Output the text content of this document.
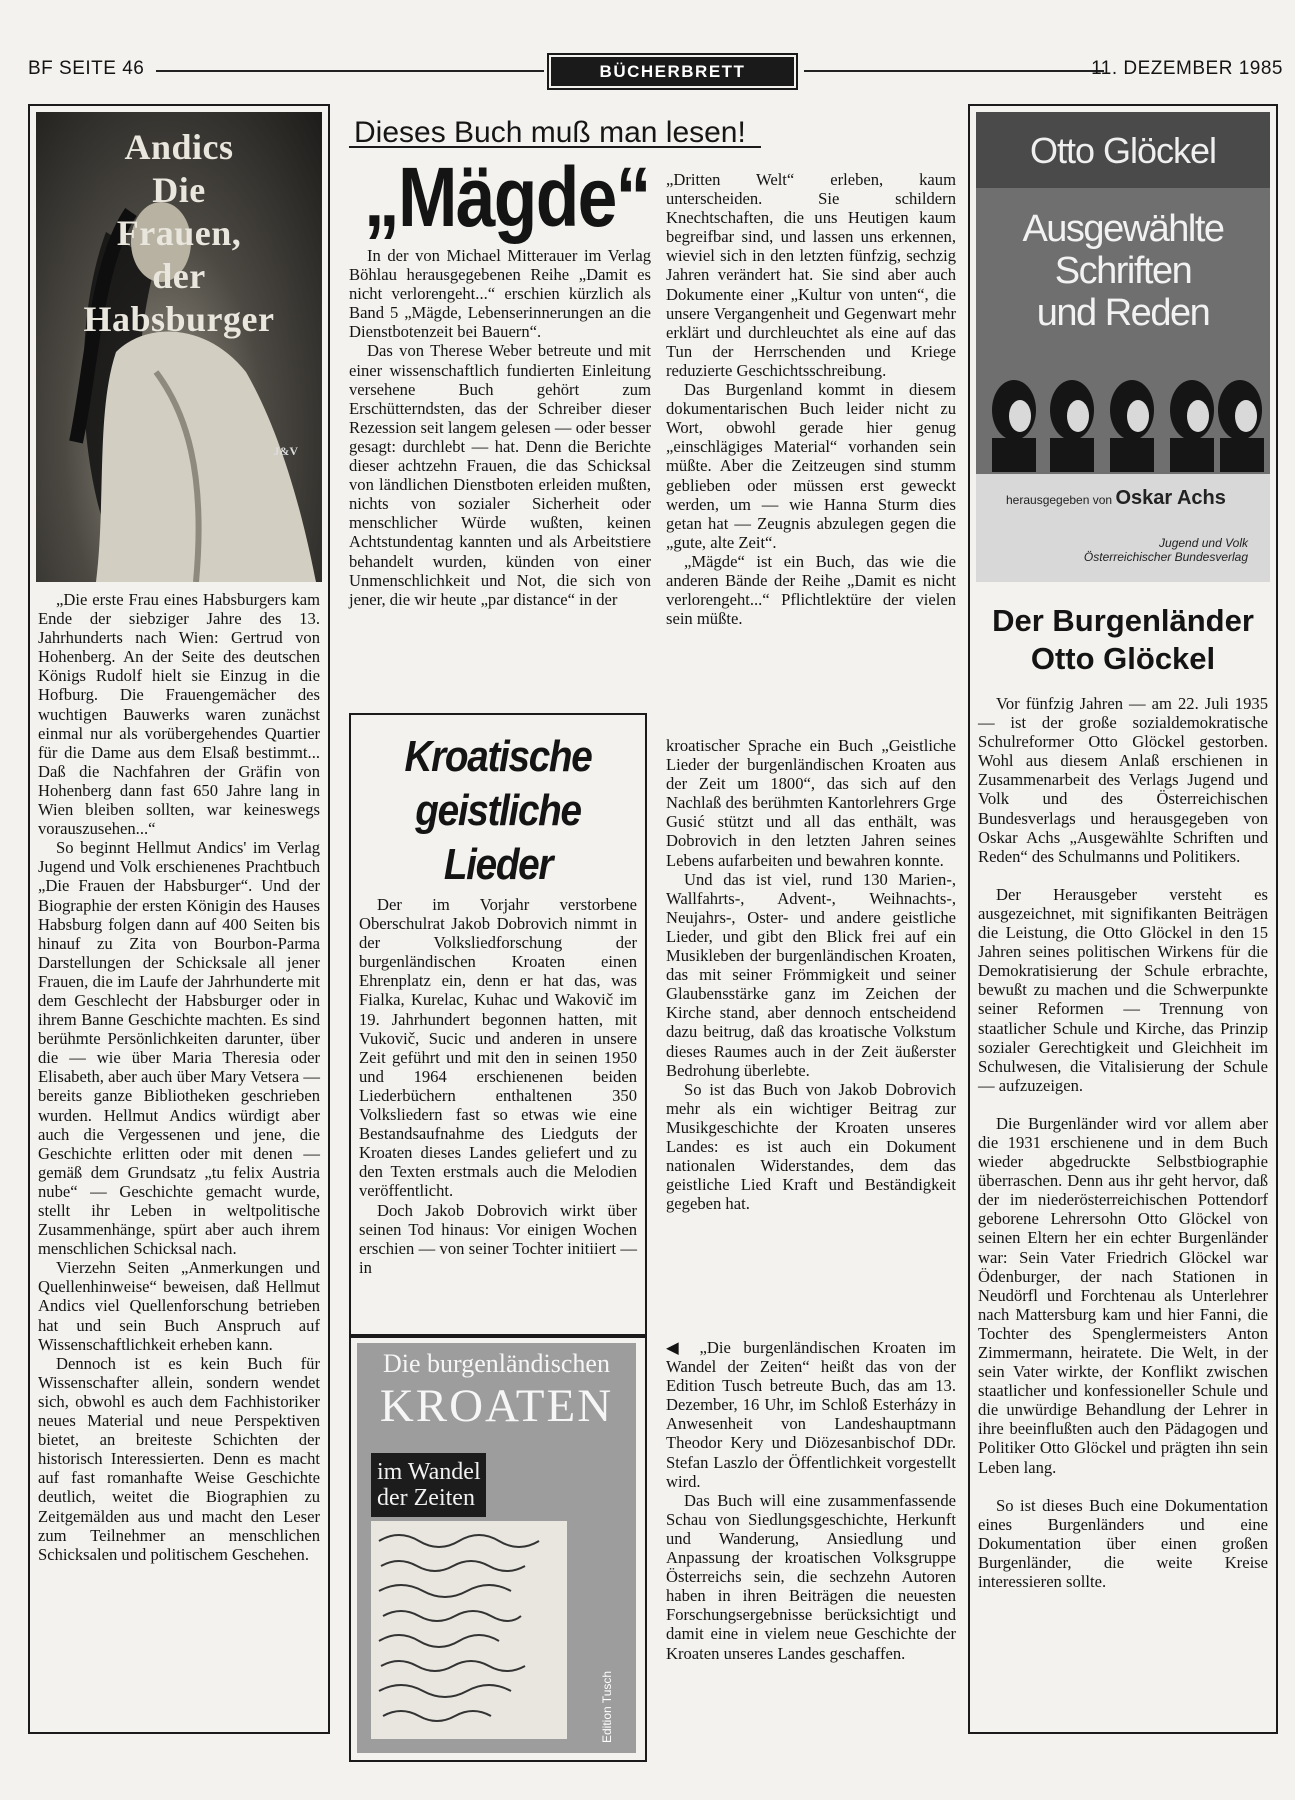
BF SEITE 46	BÜCHERBRETT	11. DEZEMBER 1985
Andics
Die
Frauen,
der
Habsburger
J&V

„Die erste Frau eines Habsburgers kam Ende der siebziger Jahre des 13. Jahrhunderts nach Wien: Gertrud von Hohenberg. An der Seite des deutschen Königs Rudolf hielt sie Einzug in die Hofburg. Die Frauengemächer des wuchtigen Bauwerks waren zunächst einmal nur als vorübergehendes Quartier für die Dame aus dem Elsaß bestimmt... Daß die Nachfahren der Gräfin von Hohenberg dann fast 650 Jahre lang in Wien bleiben sollten, war keineswegs vorauszusehen...“

So beginnt Hellmut Andics' im Verlag Jugend und Volk erschienenes Prachtbuch „Die Frauen der Habsburger“. Und der Biographie der ersten Königin des Hauses Habsburg folgen dann auf 400 Seiten bis hinauf zu Zita von Bourbon-Parma Darstellungen der Schicksale all jener Frauen, die im Laufe der Jahrhunderte mit dem Geschlecht der Habsburger oder in ihrem Banne Geschichte machten. Es sind berühmte Persönlichkeiten darunter, über die — wie über Maria Theresia oder Elisabeth, aber auch über Mary Vetsera — bereits ganze Bibliotheken geschrieben wurden. Hellmut Andics würdigt aber auch die Vergessenen und jene, die Geschichte erlitten oder mit denen — gemäß dem Grundsatz „tu felix Austria nube“ — Geschichte gemacht wurde, stellt ihr Leben in weltpolitische Zusammenhänge, spürt aber auch ihrem menschlichen Schicksal nach.

Vierzehn Seiten „Anmerkungen und Quellenhinweise“ beweisen, daß Hellmut Andics viel Quellenforschung betrieben hat und sein Buch Anspruch auf Wissenschaftlichkeit erheben kann.

Dennoch ist es kein Buch für Wissenschafter allein, sondern wendet sich, obwohl es auch dem Fachhistoriker neues Material und neue Perspektiven bietet, an breiteste Schichten der historisch Interessierten. Denn es macht auf fast romanhafte Weise Geschichte deutlich, weitet die Biographien zu Zeitgemälden aus und macht den Leser zum Teilnehmer an menschlichen Schicksalen und politischem Geschehen.

Dieses Buch muß man lesen!
„Mägde“

In der von Michael Mitterauer im Verlag Böhlau herausgegebenen Reihe „Damit es nicht verlorengeht...“ erschien kürzlich als Band 5 „Mägde, Lebenserinnerungen an die Dienstbotenzeit bei Bauern“.

Das von Therese Weber betreute und mit einer wissenschaftlich fundierten Einleitung versehene Buch gehört zum Erschütterndsten, das der Schreiber dieser Rezession seit langem gelesen — oder besser gesagt: durchlebt — hat. Denn die Berichte dieser achtzehn Frauen, die das Schicksal von ländlichen Dienstboten erleiden mußten, nichts von sozialer Sicherheit oder menschlicher Würde wußten, keinen Achtstundentag kannten und als Arbeitstiere behandelt wurden, künden von einer Unmenschlichkeit und Not, die sich von jener, die wir heute „par distance“ in der

„Dritten Welt“ erleben, kaum unterscheiden. Sie schildern Knechtschaften, die uns Heutigen kaum begreifbar sind, und lassen uns erkennen, wieviel sich in den letzten fünfzig, sechzig Jahren verändert hat. Sie sind aber auch Dokumente einer „Kultur von unten“, die unsere Vergangenheit und Gegenwart mehr erklärt und durchleuchtet als eine auf das Tun der Herrschenden und Kriege reduzierte Geschichtsschreibung.

Das Burgenland kommt in diesem dokumentarischen Buch leider nicht zu Wort, obwohl gerade hier genug „einschlägiges Material“ vorhanden sein müßte. Aber die Zeitzeugen sind stumm geblieben oder müssen erst geweckt werden, um — wie Hanna Sturm dies getan hat — Zeugnis abzulegen gegen die „gute, alte Zeit“.

„Mägde“ ist ein Buch, das wie die anderen Bände der Reihe „Damit es nicht verlorengeht...“ Pflichtlektüre der vielen sein müßte.

Kroatische geistliche Lieder

Der im Vorjahr verstorbene Oberschulrat Jakob Dobrovich nimmt in der Volksliedforschung der burgenländischen Kroaten einen Ehrenplatz ein, denn er hat das, was Fialka, Kurelac, Kuhac und Wakovič im 19. Jahrhundert begonnen hatten, mit Vukovič, Sucic und anderen in unsere Zeit geführt und mit den in seinen 1950 und 1964 erschienenen beiden Liederbüchern enthaltenen 350 Volksliedern fast so etwas wie eine Bestandsaufnahme des Liedguts der Kroaten dieses Landes geliefert und zu den Texten erstmals auch die Melodien veröffentlicht.

Doch Jakob Dobrovich wirkt über seinen Tod hinaus: Vor einigen Wochen erschien — von seiner Tochter initiiert — in

kroatischer Sprache ein Buch „Geistliche Lieder der burgenländischen Kroaten aus der Zeit um 1800“, das sich auf den Nachlaß des berühmten Kantorlehrers Grge Gusić stützt und all das enthält, was Dobrovich in den letzten Jahren seines Lebens aufarbeiten und bewahren konnte.

Und das ist viel, rund 130 Marien-, Wallfahrts-, Advent-, Weihnachts-, Neujahrs-, Oster- und andere geistliche Lieder, und gibt den Blick frei auf ein Musikleben der burgenländischen Kroaten, das mit seiner Frömmigkeit und seiner Glaubensstärke ganz im Zeichen der Kirche stand, aber dennoch entscheidend dazu beitrug, daß das kroatische Volkstum dieses Raumes auch in der Zeit äußerster Bedrohung überlebte.

So ist das Buch von Jakob Dobrovich mehr als ein wichtiger Beitrag zur Musikgeschichte der Kroaten unseres Landes: es ist auch ein Dokument nationalen Widerstandes, dem das geistliche Lied Kraft und Beständigkeit gegeben hat.

Die burgenländischen
KROATEN
im Wandel der Zeiten
Edition Tusch

◀ „Die burgenländischen Kroaten im Wandel der Zeiten“ heißt das von der Edition Tusch betreute Buch, das am 13. Dezember, 16 Uhr, im Schloß Esterházy in Anwesenheit von Landeshauptmann Theodor Kery und Diözesanbischof DDr. Stefan Laszlo der Öffentlichkeit vorgestellt wird.

Das Buch will eine zusammenfassende Schau von Siedlungsgeschichte, Herkunft und Wanderung, Ansiedlung und Anpassung der kroatischen Volksgruppe Österreichs sein, die sechzehn Autoren haben in ihren Beiträgen die neuesten Forschungsergebnisse berücksichtigt und damit eine in vielem neue Geschichte der Kroaten unseres Landes geschaffen.

Otto Glöckel
Ausgewählte
Schriften
und Reden
herausgegeben von Oskar Achs
Jugend und Volk
Österreichischer Bundesverlag
Der Burgenländer
Otto Glöckel

Vor fünfzig Jahren — am 22. Juli 1935 — ist der große sozialdemokratische Schulreformer Otto Glöckel gestorben. Wohl aus diesem Anlaß erschienen in Zusammenarbeit des Verlags Jugend und Volk und des Österreichischen Bundesverlags und herausgegeben von Oskar Achs „Ausgewählte Schriften und Reden“ des Schulmanns und Politikers.

Der Herausgeber versteht es ausgezeichnet, mit signifikanten Beiträgen die Leistung, die Otto Glöckel in den 15 Jahren seines politischen Wirkens für die Demokratisierung der Schule erbrachte, bewußt zu machen und die Schwerpunkte seiner Reformen — Trennung von staatlicher Schule und Kirche, das Prinzip sozialer Gerechtigkeit und Gleichheit im Schulwesen, die Vitalisierung der Schule — aufzuzeigen.

Die Burgenländer wird vor allem aber die 1931 erschienene und in dem Buch wieder abgedruckte Selbstbiographie überraschen. Denn aus ihr geht hervor, daß der im niederösterreichischen Pottendorf geborene Lehrersohn Otto Glöckel von seinen Eltern her ein echter Burgenländer war: Sein Vater Friedrich Glöckel war Ödenburger, der nach Stationen in Neudörfl und Forchtenau als Unterlehrer nach Mattersburg kam und hier Fanni, die Tochter des Spenglermeisters Anton Zimmermann, heiratete. Die Welt, in der sein Vater wirkte, der Konflikt zwischen staatlicher und konfessioneller Schule und die unwürdige Behandlung der Lehrer in ihre beeinflußten auch den Pädagogen und Politiker Otto Glöckel und prägten ihn sein Leben lang.

So ist dieses Buch eine Dokumentation eines Burgenländers und eine Dokumentation über einen großen Burgenländer, die weite Kreise interessieren sollte.
